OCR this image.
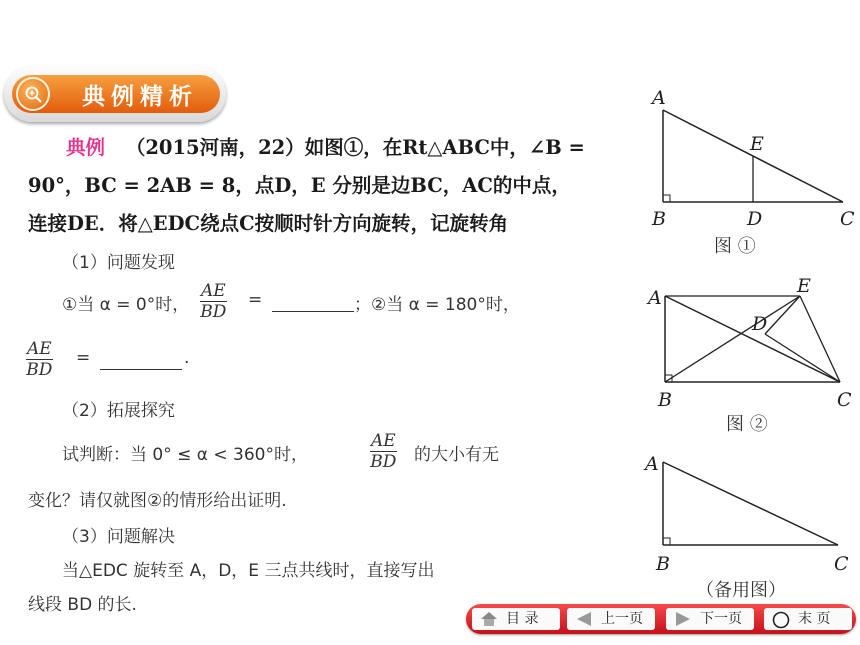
典例精析
典例 （2015河南，22）如图①，在Rt△ABC中，∠B =
90°，BC = 2AB = 8，点D，E 分别是边BC，AC的中点，
连接DE．将△EDC绕点C按顺时针方向旋转，记旋转角
（1）问题发现
①当 α = 0°时， $\frac{AE}{BD}$ =	；②当 α = 180°时，
$\frac{AE}{BD}$ =	.
（2）拓展探究
试判断：当 0° ≤ α < 360°时，	$\frac{AE}{BD}$ 的大小有无
变化？请仅就图②的情形给出证明.
（3）问题解决
当△EDC 旋转至 A，D，E 三点共线时，直接写出
线段 BD 的长.
A
B	C
D
E
图 ①
A
B	C
D
E
图 ②
A
B	C
（备用图）
目 录	上一页	下一页	末 页
